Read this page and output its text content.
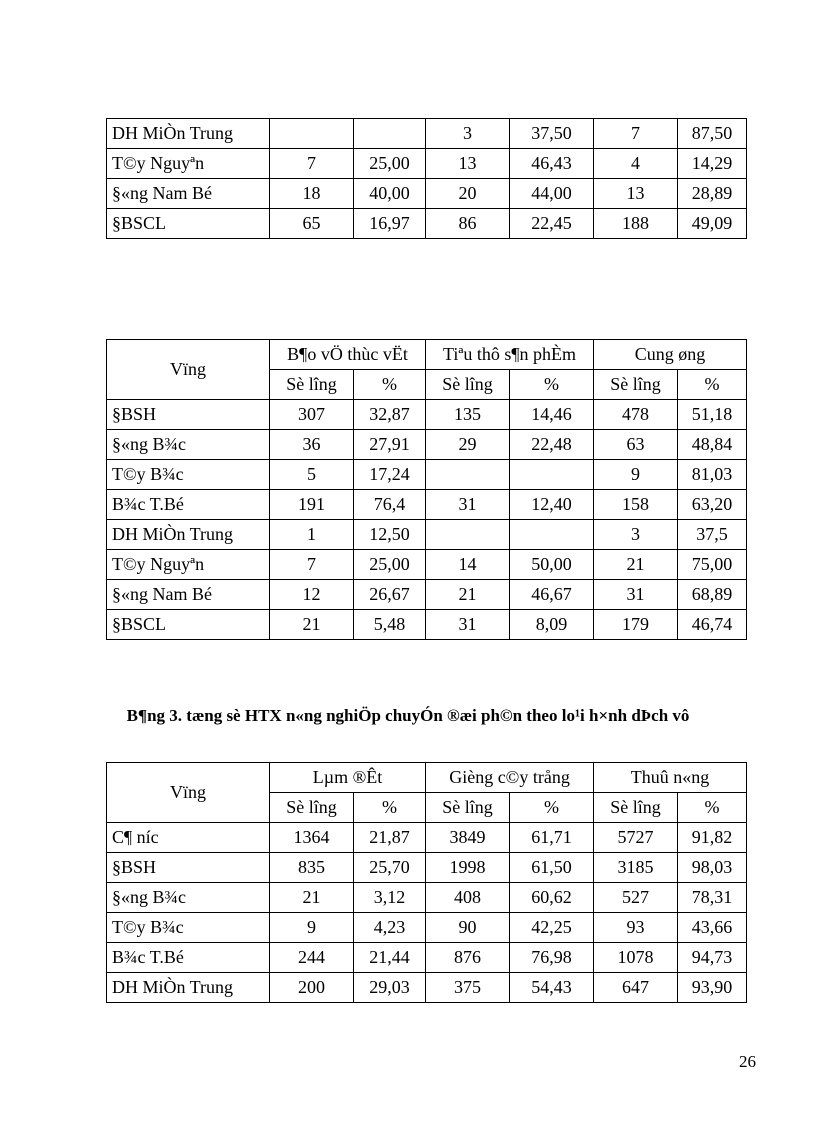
DH MiÒn Trung			3	37,50	7	87,50
T©y Nguyªn	7	25,00	13	46,43	4	14,29
§«ng Nam Bé	18	40,00	20	44,00	13	28,89
§BSCL	65	16,97	86	22,45	188	49,09
Vïng	B¶o vÖ thùc vËt		Tiªu thô s¶n phÈm		Cung øng	
	Sè lîng	%	Sè lîng	%	Sè lîng	%
§BSH	307	32,87	135	14,46	478	51,18
§«ng B¾c	36	27,91	29	22,48	63	48,84
T©y B¾c	5	17,24			9	81,03
B¾c T.Bé	191	76,4	31	12,40	158	63,20
DH MiÒn Trung	1	12,50			3	37,5
T©y Nguyªn	7	25,00	14	50,00	21	75,00
§«ng Nam Bé	12	26,67	21	46,67	31	68,89
§BSCL	21	5,48	31	8,09	179	46,74
B¶ng 3. tæng sè HTX n«ng nghiÖp chuyÓn ®æi ph©n theo lo¹i h×nh dÞch vô
Vïng	Lµm ®Êt		Gièng c©y trång		Thuû n«ng	
	Sè lîng	%	Sè lîng	%	Sè lîng	%
C¶ níc	1364	21,87	3849	61,71	5727	91,82
§BSH	835	25,70	1998	61,50	3185	98,03
§«ng B¾c	21	3,12	408	60,62	527	78,31
T©y B¾c	9	4,23	90	42,25	93	43,66
B¾c T.Bé	244	21,44	876	76,98	1078	94,73
DH MiÒn Trung	200	29,03	375	54,43	647	93,90
26
